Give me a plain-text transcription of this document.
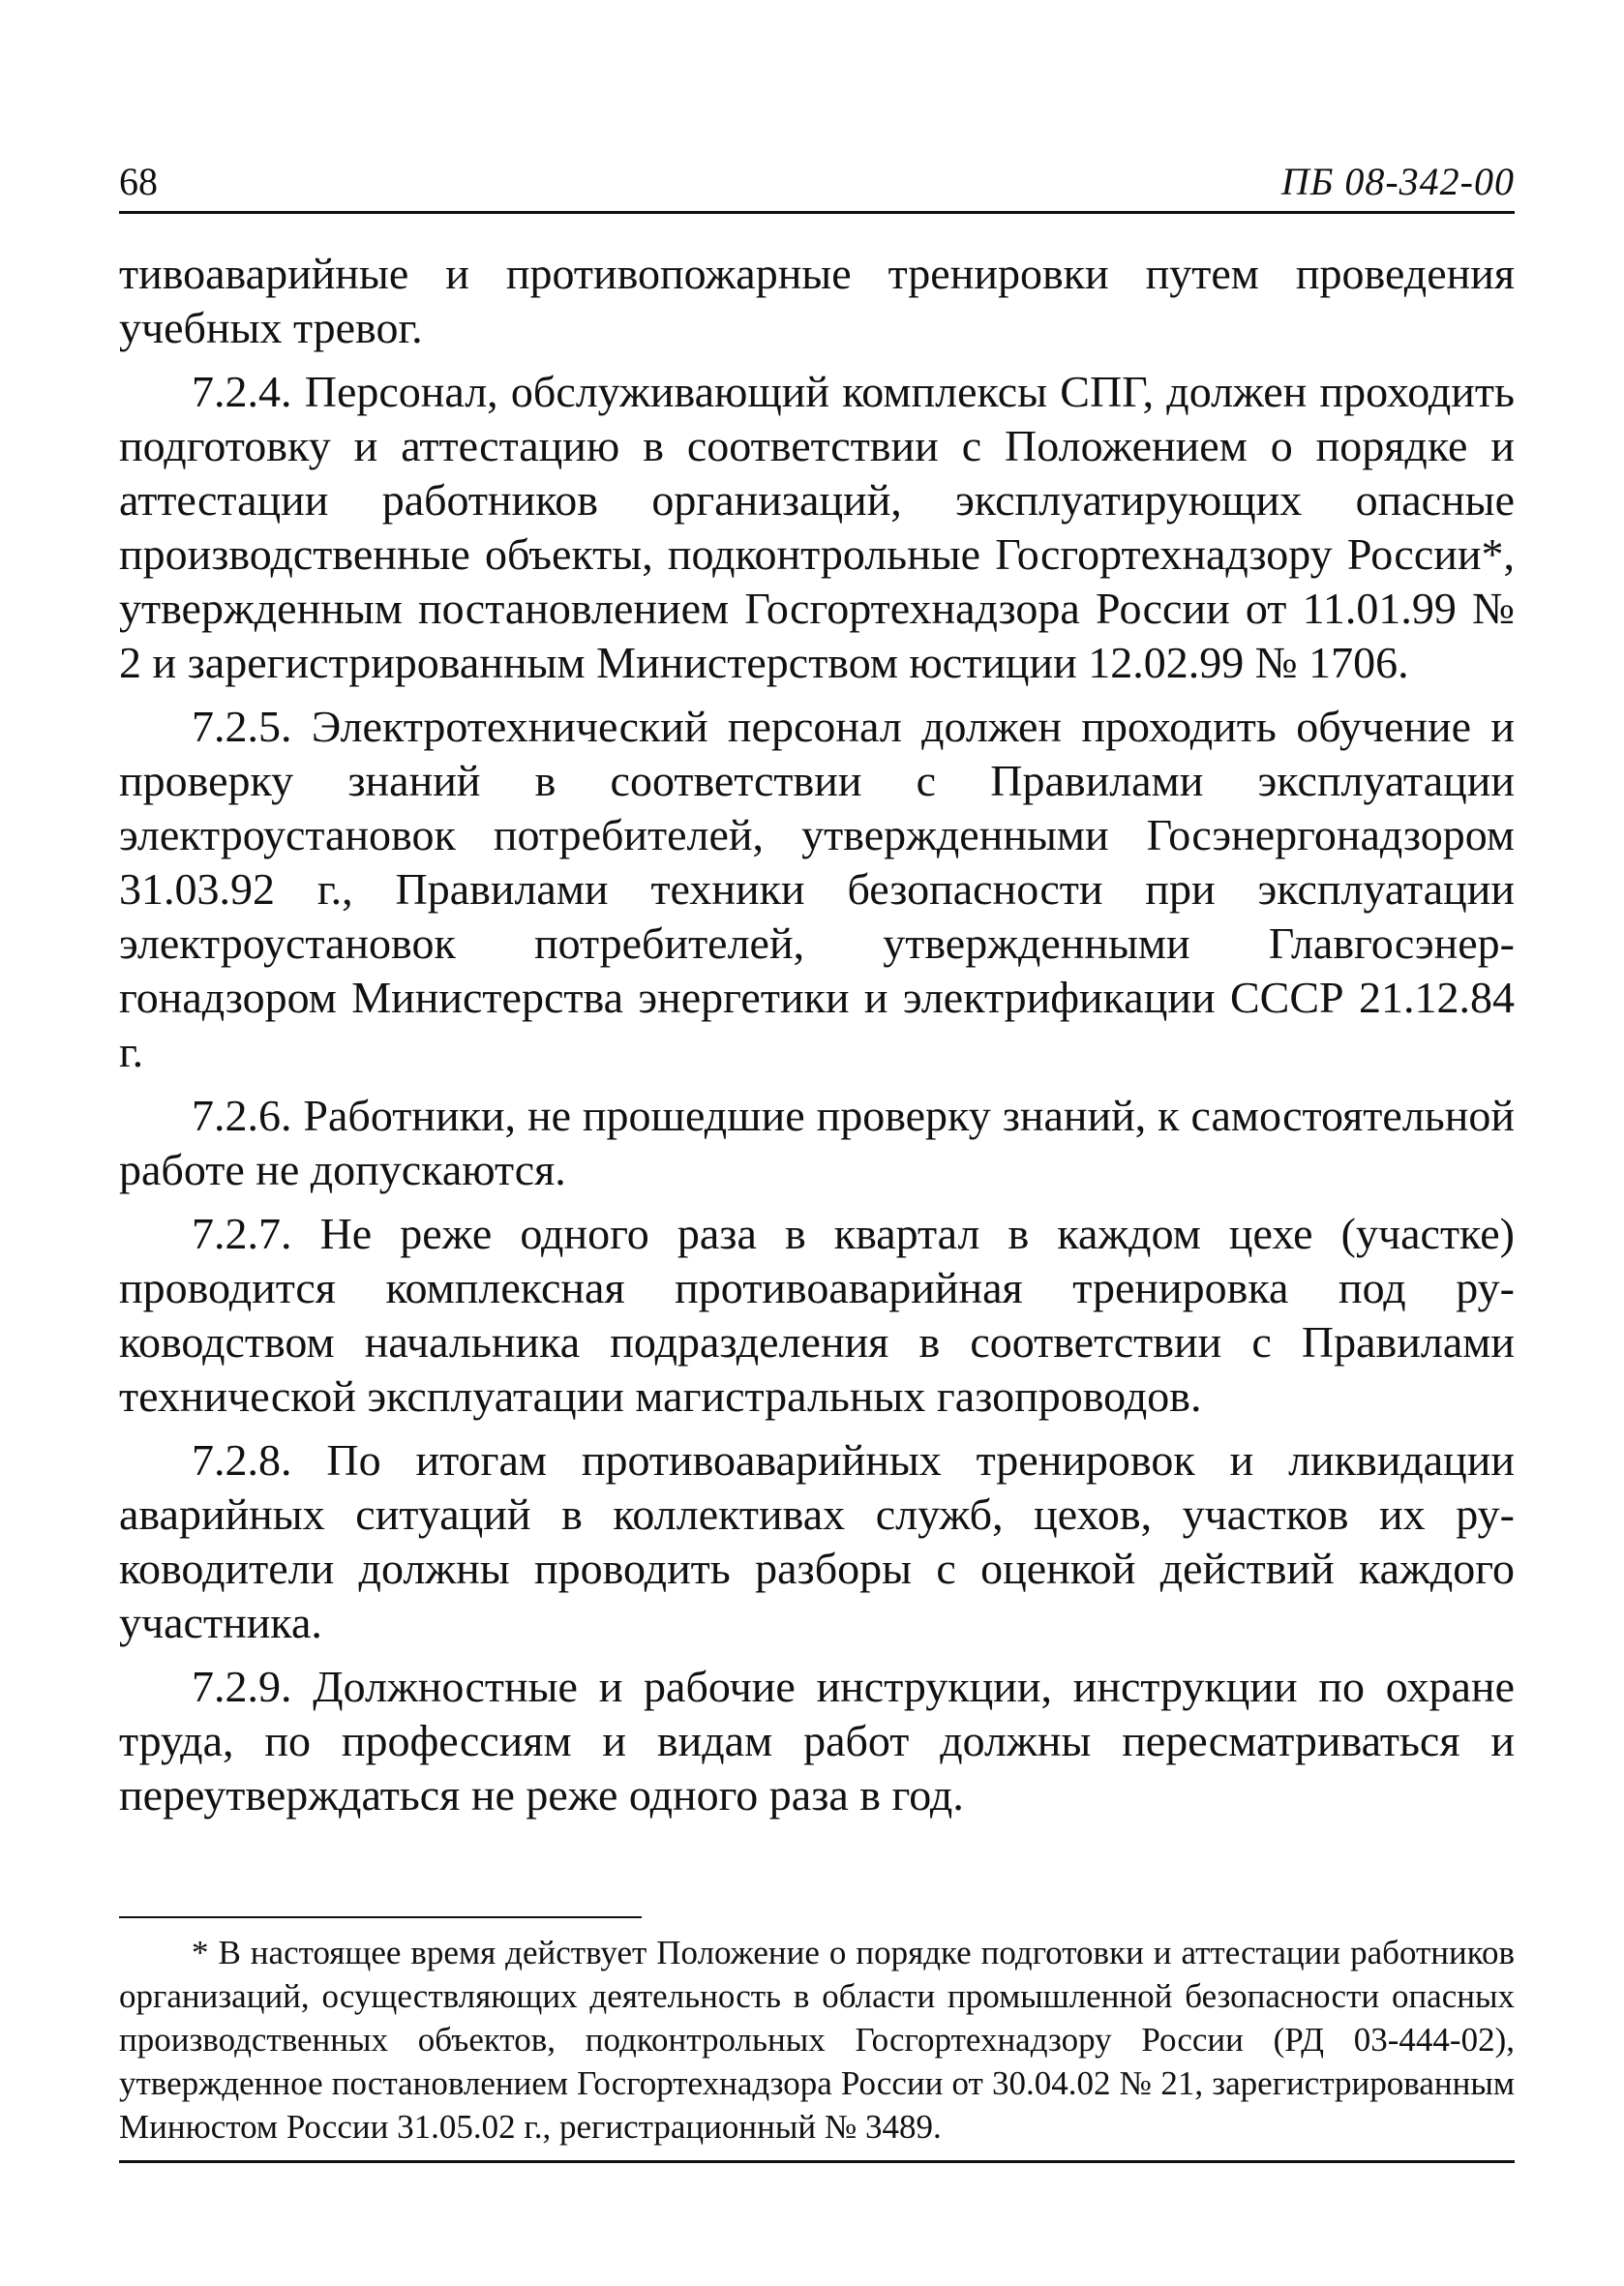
68	ПБ 08-342-00

тивоаварийные и противопожарные тренировки путем проведения учебных тревог.

7.2.4. Персонал, обслуживающий комплексы СПГ, должен проходить подготовку и аттестацию в соответствии с Положением о порядке и аттестации работников организаций, эксплуатирующих опасные производственные объекты, подконтрольные Госгортехнадзору России*, утвержденным постановлением Госгортехнадзора России от 11.01.99 № 2 и зарегистрированным Министерством юстиции 12.02.99 № 1706.

7.2.5. Электротехнический персонал должен проходить обучение и проверку знаний в соответствии с Правилами эксплуатации электроустановок потребителей, утвержденными Госэнергонадзором 31.03.92 г., Правилами техники безопасности при эксплуатации электроустановок потребителей, утвержденными Главгосэнергонадзором Министерства энергетики и электрификации СССР 21.12.84 г.

7.2.6. Работники, не прошедшие проверку знаний, к самостоятельной работе не допускаются.

7.2.7. Не реже одного раза в квартал в каждом цехе (участке) проводится комплексная противоаварийная тренировка под руководством начальника подразделения в соответствии с Правилами технической эксплуатации магистральных газопроводов.

7.2.8. По итогам противоаварийных тренировок и ликвидации аварийных ситуаций в коллективах служб, цехов, участков их руководители должны проводить разборы с оценкой действий каждого участника.

7.2.9. Должностные и рабочие инструкции, инструкции по охране труда, по профессиям и видам работ должны пересматриваться и переутверждаться не реже одного раза в год.

* В настоящее время действует Положение о порядке подготовки и аттестации работников организаций, осуществляющих деятельность в области промышленной безопасности опасных производственных объектов, подконтрольных Госгортехнадзору России (РД 03-444-02), утвержденное постановлением Госгортехнадзора России от 30.04.02 № 21, зарегистрированным Минюстом России 31.05.02 г., регистрационный № 3489.
